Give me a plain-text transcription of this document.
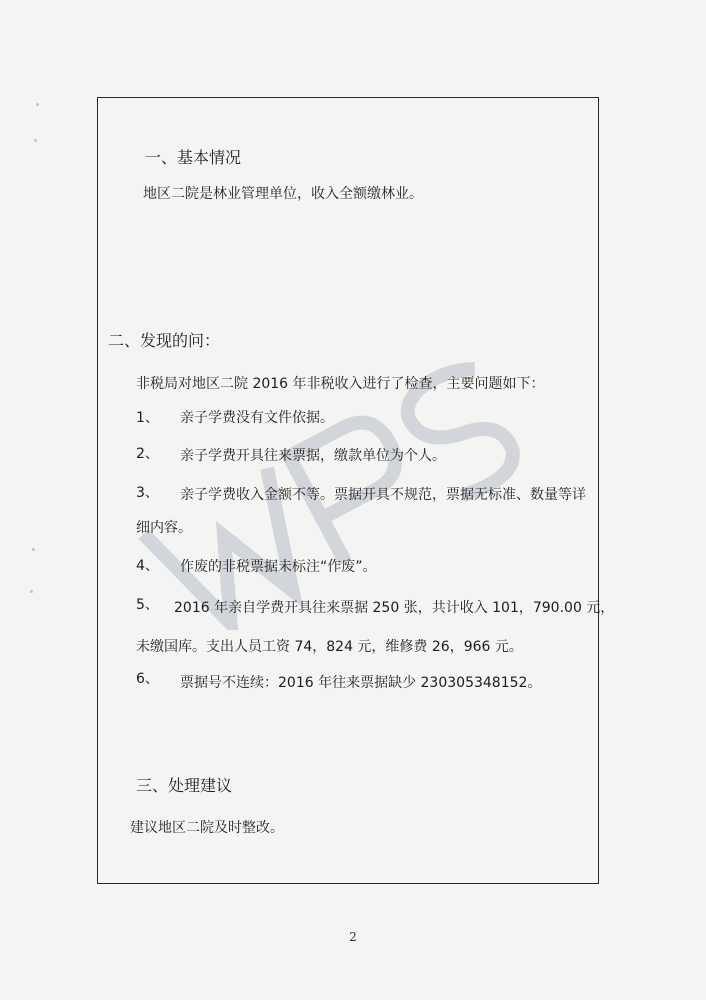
一、基本情况
地区二院是林业管理单位，收入全额缴林业。
二、发现的问：
非税局对地区二院 2016 年非税收入进行了检查，主要问题如下：
1、 亲子学费没有文件依据。
2、 亲子学费开具往来票据，缴款单位为个人。
3、 亲子学费收入金额不等。票据开具不规范，票据无标准、数量等详
细内容。
4、 作废的非税票据未标注“作废”。
5、 2016 年亲自学费开具往来票据 250 张，共计收入 101，790.00 元，
未缴国库。支出人员工资 74，824 元，维修费 26，966 元。
6、 票据号不连续：2016 年往来票据缺少 230305348152。
三、处理建议
建议地区二院及时整改。
2
